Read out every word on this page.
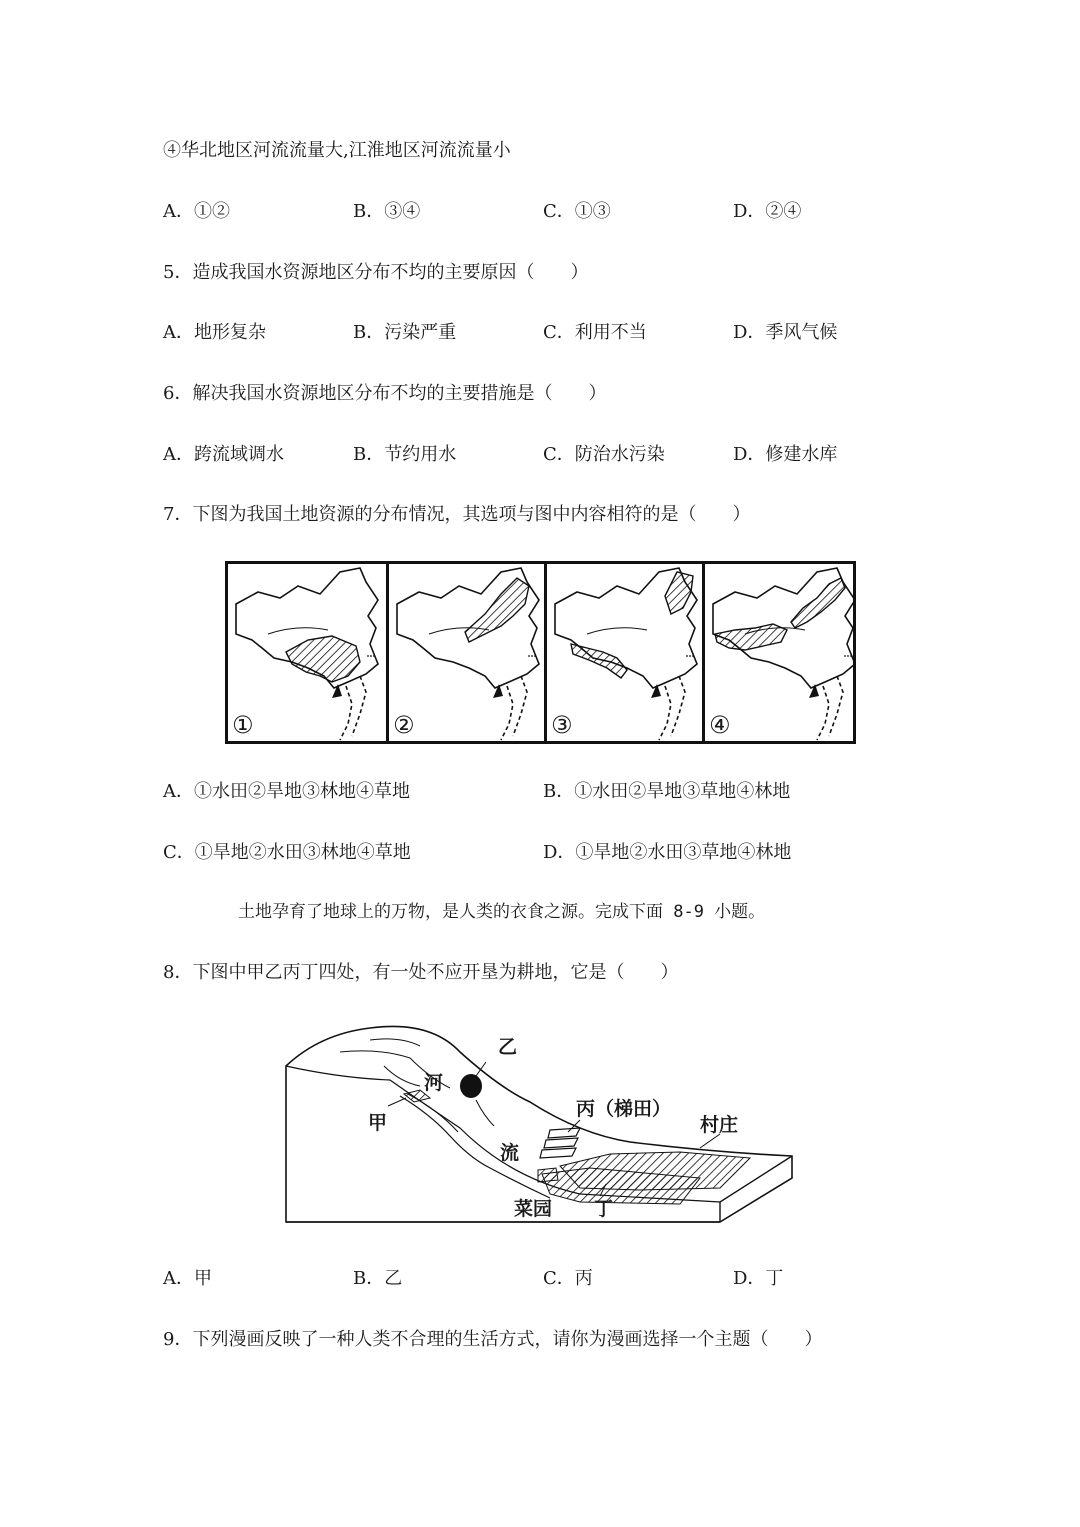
④华北地区河流流量大,江淮地区河流流量小
A．①②	B．③④	C．①③	D．②④
5．造成我国水资源地区分布不均的主要原因（　　）
A．地形复杂	B．污染严重	C．利用不当	D．季风气候
6．解决我国水资源地区分布不均的主要措施是（　　）
A．跨流域调水	B．节约用水	C．防治水污染	D．修建水库
7．下图为我国土地资源的分布情况，其选项与图中内容相符的是（　　）
①	②	③	④
A．①水田②旱地③林地④草地	B．①水田②旱地③草地④林地
C．①旱地②水田③林地④草地	D．①旱地②水田③草地④林地
土地孕育了地球上的万物，是人类的衣食之源。完成下面 8-9 小题。
8．下图中甲乙丙丁四处，有一处不应开垦为耕地，它是（　　）
乙
河
甲
丙（梯田）
村庄
流
菜园 丁
A．甲	B．乙	C．丙	D．丁
9．下列漫画反映了一种人类不合理的生活方式，请你为漫画选择一个主题（　　）
